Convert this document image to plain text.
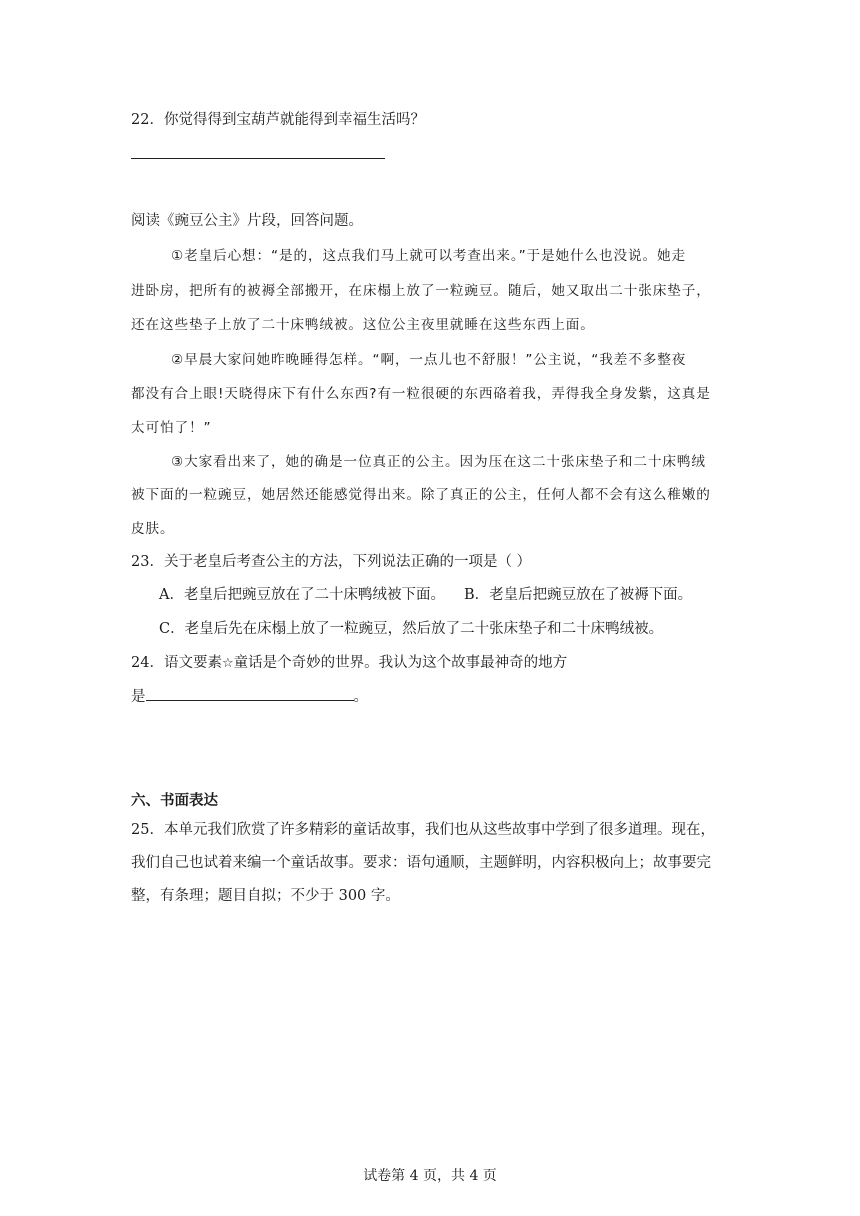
22．你觉得得到宝葫芦就能得到幸福生活吗？
阅读《豌豆公主》片段，回答问题。
①老皇后心想：“是的，这点我们马上就可以考查出来。”于是她什么也没说。她走
进卧房，把所有的被褥全部搬开，在床榻上放了一粒豌豆。随后，她又取出二十张床垫子，
还在这些垫子上放了二十床鸭绒被。这位公主夜里就睡在这些东西上面。
②早晨大家问她昨晚睡得怎样。“啊，一点儿也不舒服！”公主说，“我差不多整夜
都没有合上眼!天晓得床下有什么东西?有一粒很硬的东西硌着我，弄得我全身发紫，这真是
太可怕了！”
③大家看出来了，她的确是一位真正的公主。因为压在这二十张床垫子和二十床鸭绒
被下面的一粒豌豆，她居然还能感觉得出来。除了真正的公主，任何人都不会有这么稚嫩的
皮肤。
23．关于老皇后考查公主的方法，下列说法正确的一项是（ ）
A．老皇后把豌豆放在了二十床鸭绒被下面。 B．老皇后把豌豆放在了被褥下面。
C．老皇后先在床榻上放了一粒豌豆，然后放了二十张床垫子和二十床鸭绒被。
24．语文要素☆童话是个奇妙的世界。我认为这个故事最神奇的地方
是	。
六、书面表达
25．本单元我们欣赏了许多精彩的童话故事，我们也从这些故事中学到了很多道理。现在，
我们自己也试着来编一个童话故事。要求：语句通顺，主题鲜明，内容积极向上；故事要完
整，有条理；题目自拟；不少于 300 字。
试卷第 4 页，共 4 页
